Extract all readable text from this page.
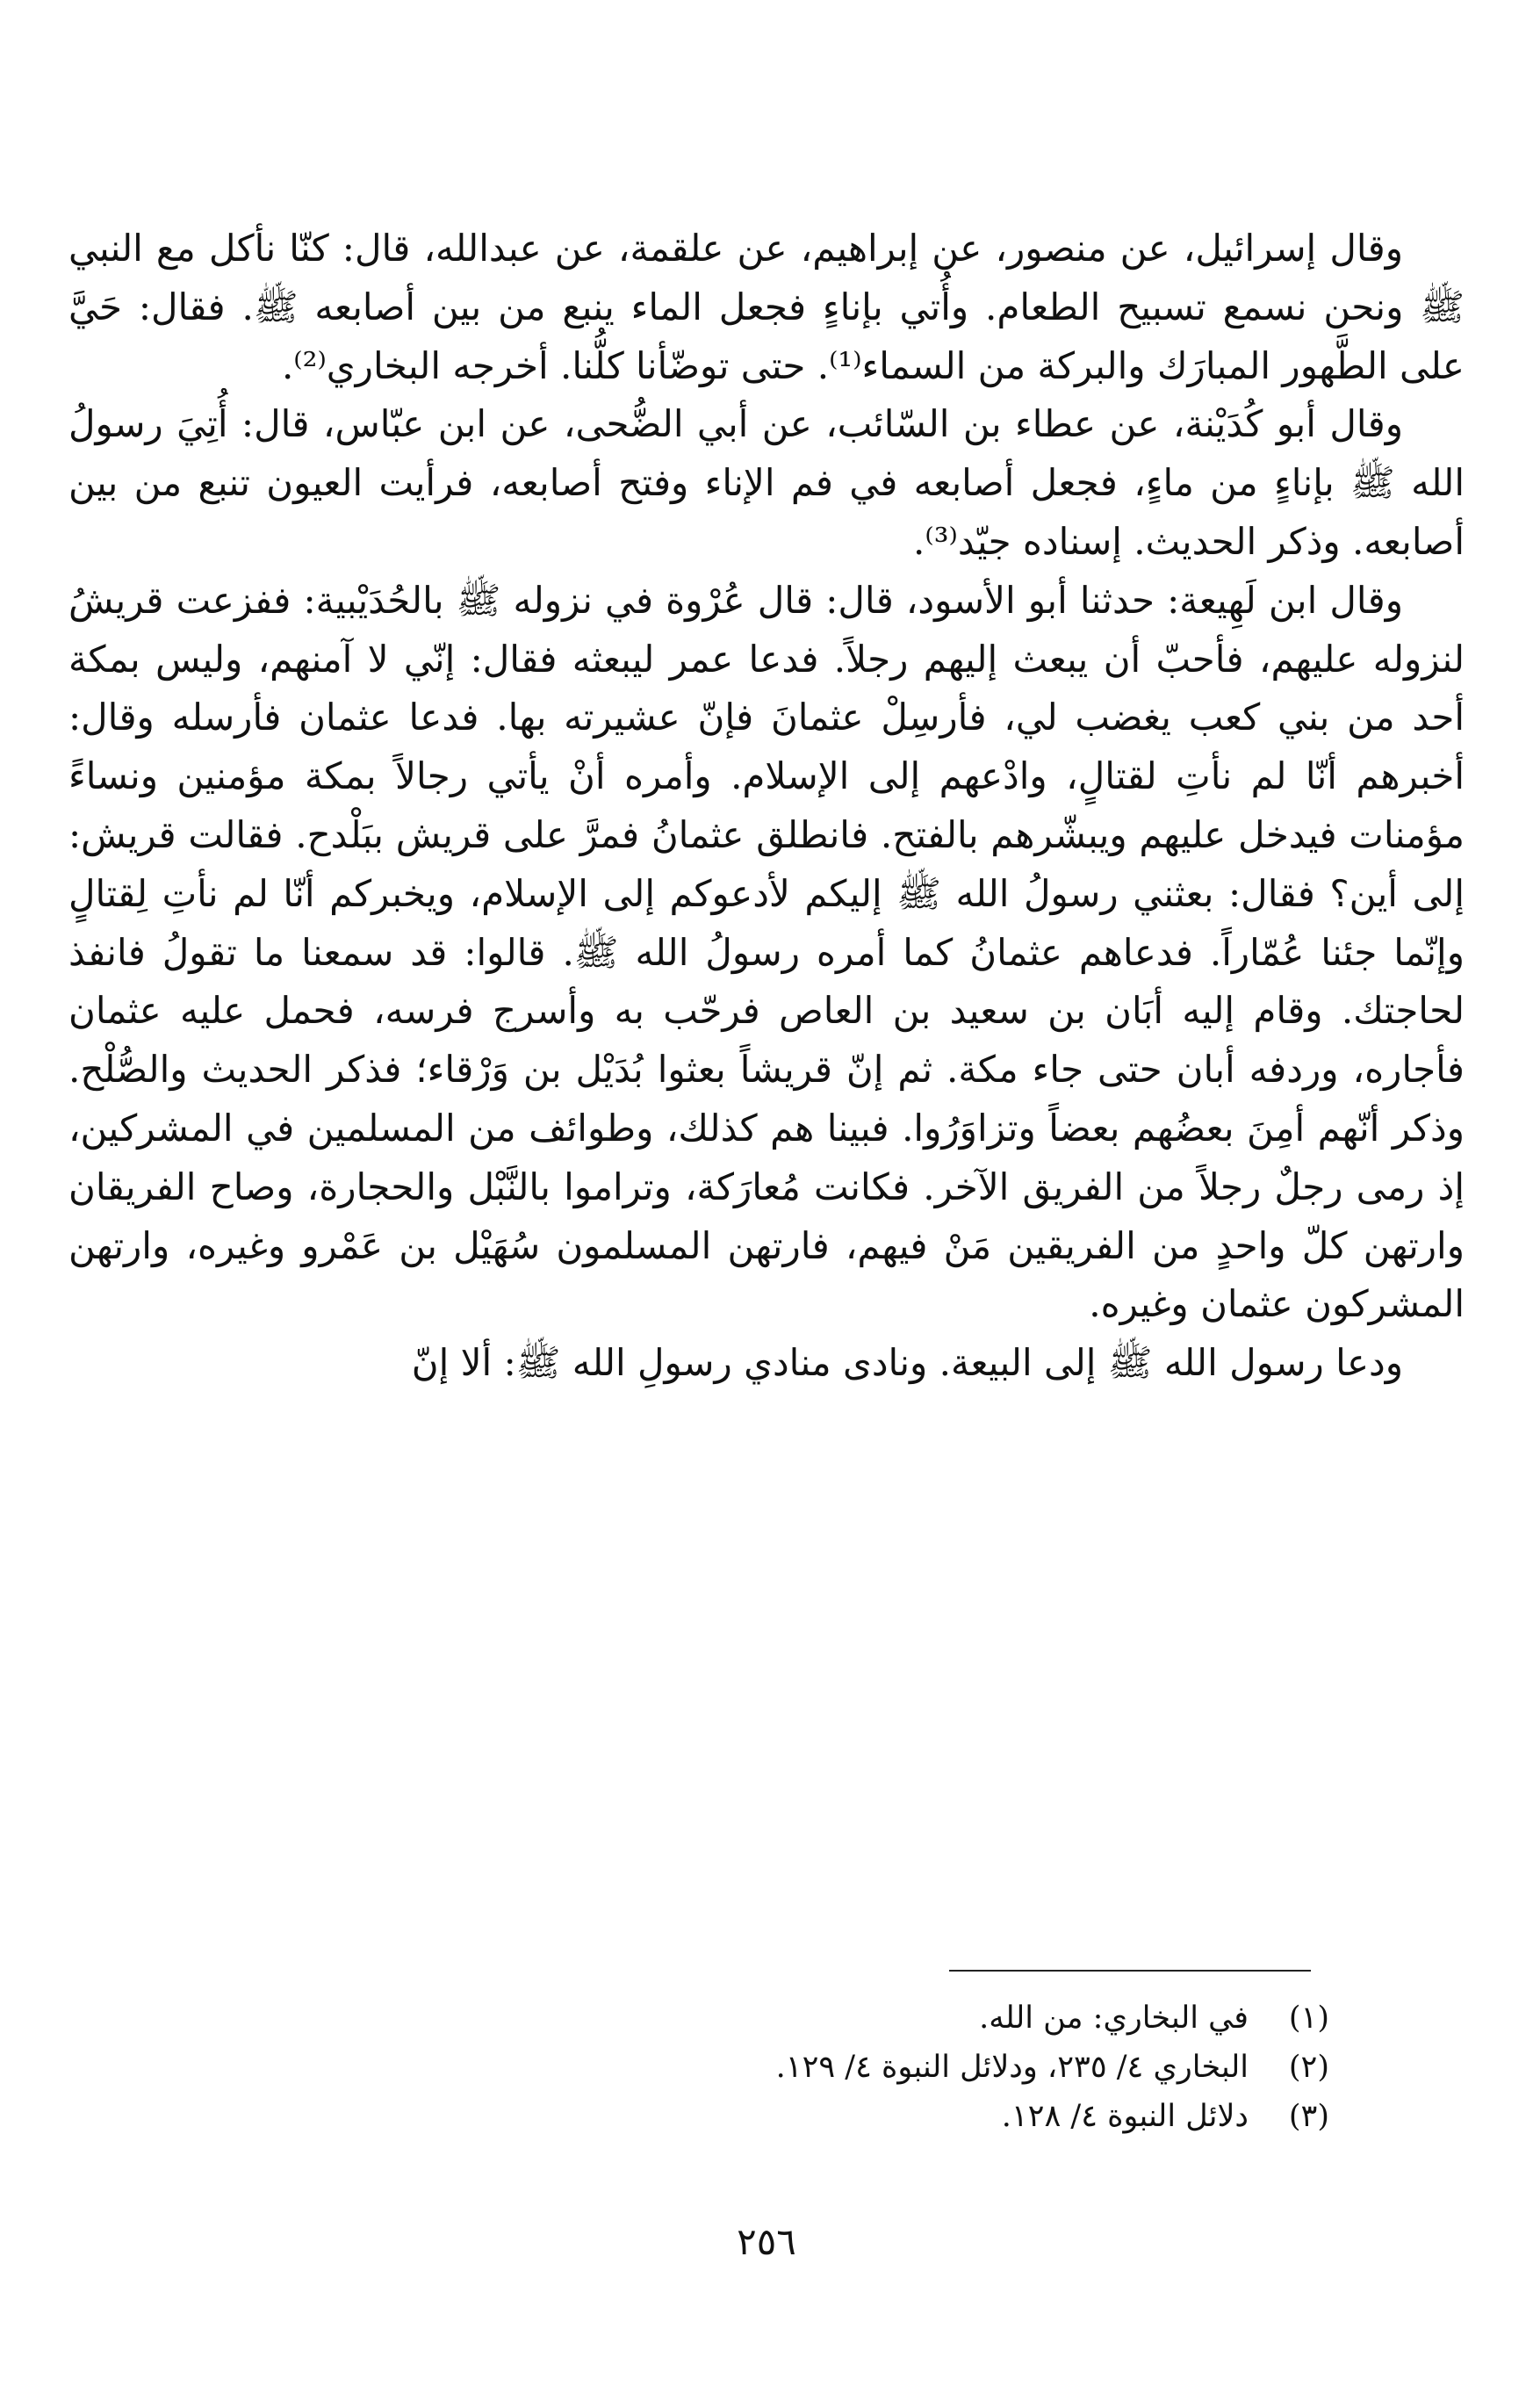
وقال إسرائيل، عن منصور، عن إبراهيم، عن علقمة، عن عبدالله، قال: كنّا نأكل مع النبي ﷺ ونحن نسمع تسبيح الطعام. وأُتي بإناءٍ فجعل الماء ينبع من بين أصابعه ﷺ. فقال: حَيَّ على الطَّهور المبارَك والبركة من السماء⁽¹⁾. حتى توضّأنا كلُّنا. أخرجه البخاري⁽²⁾.

وقال أبو كُدَيْنة، عن عطاء بن السّائب، عن أبي الضُّحى، عن ابن عبّاس، قال: أُتِيَ رسولُ الله ﷺ بإناءٍ من ماءٍ، فجعل أصابعه في فم الإناء وفتح أصابعه، فرأيت العيون تنبع من بين أصابعه. وذكر الحديث. إسناده جيّد⁽³⁾.

وقال ابن لَهِيعة: حدثنا أبو الأسود، قال: قال عُرْوة في نزوله ﷺ بالحُدَيْبية: ففزعت قريشُ لنزوله عليهم، فأحبّ أن يبعث إليهم رجلاً. فدعا عمر ليبعثه فقال: إنّي لا آمنهم، وليس بمكة أحد من بني كعب يغضب لي، فأرسِلْ عثمانَ فإنّ عشيرته بها. فدعا عثمان فأرسله وقال: أخبرهم أنّا لم نأتِ لقتالٍ، وادْعهم إلى الإسلام. وأمره أنْ يأتي رجالاً بمكة مؤمنين ونساءً مؤمنات فيدخل عليهم ويبشّرهم بالفتح. فانطلق عثمانُ فمرَّ على قريش ببَلْدح. فقالت قريش: إلى أين؟ فقال: بعثني رسولُ الله ﷺ إليكم لأدعوكم إلى الإسلام، ويخبركم أنّا لم نأتِ لِقتالٍ وإنّما جئنا عُمّاراً. فدعاهم عثمانُ كما أمره رسولُ الله ﷺ. قالوا: قد سمعنا ما تقولُ فانفذ لحاجتك. وقام إليه أبَان بن سعيد بن العاص فرحّب به وأسرج فرسه، فحمل عليه عثمان فأجاره، وردفه أبان حتى جاء مكة. ثم إنّ قريشاً بعثوا بُدَيْل بن وَرْقاء؛ فذكر الحديث والصُّلْح. وذكر أنّهم أمِنَ بعضُهم بعضاً وتزاوَرُوا. فبينا هم كذلك، وطوائف من المسلمين في المشركين، إذ رمى رجلٌ رجلاً من الفريق الآخر. فكانت مُعارَكة، وتراموا بالنَّبْل والحجارة، وصاح الفريقان وارتهن كلّ واحدٍ من الفريقين مَنْ فيهم، فارتهن المسلمون سُهَيْل بن عَمْرو وغيره، وارتهن المشركون عثمان وغيره.

ودعا رسول الله ﷺ إلى البيعة. ونادى منادي رسولِ الله ﷺ: ألا إنّ

(١)
في البخاري: من الله.
(٢)
البخاري ٤/ ٢٣٥، ودلائل النبوة ٤/ ١٢٩.
(٣)
دلائل النبوة ٤/ ١٢٨.
٢٥٦
